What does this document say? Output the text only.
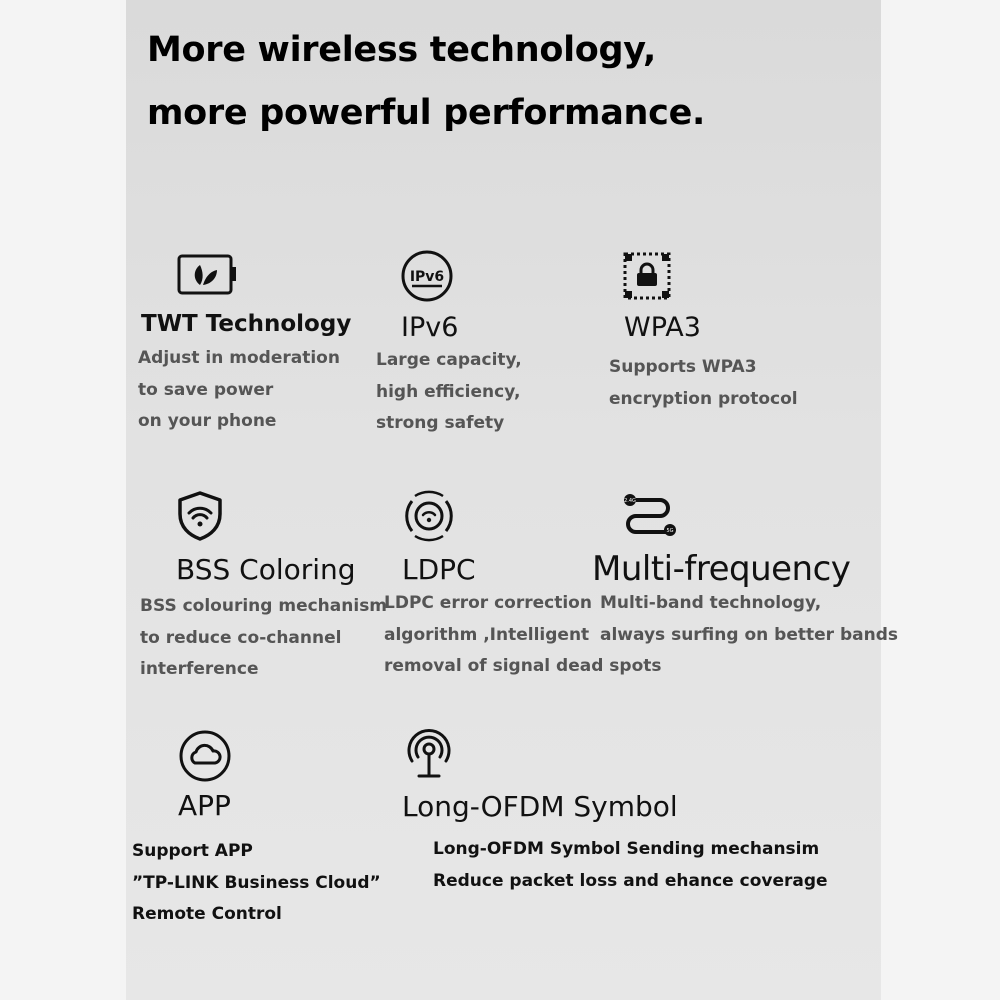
More wireless technology,
more powerful performance.
TWT Technology
Adjust in moderation
to save power
on your phone
IPv6
IPv6
Large capacity,
high efficiency,
strong safety
WPA3
Supports WPA3
encryption protocol
BSS Coloring
BSS colouring mechanism
to reduce co-channel
interference
LDPC
LDPC error correction
algorithm ,Intelligent
removal of signal dead spots
2.4G
5G
Multi-frequency
Multi-band technology,
always surfing on better bands
APP
Support APP
”TP-LINK Business Cloud”
Remote Control
Long-OFDM Symbol
Long-OFDM Symbol Sending mechansim
Reduce packet loss and ehance coverage
